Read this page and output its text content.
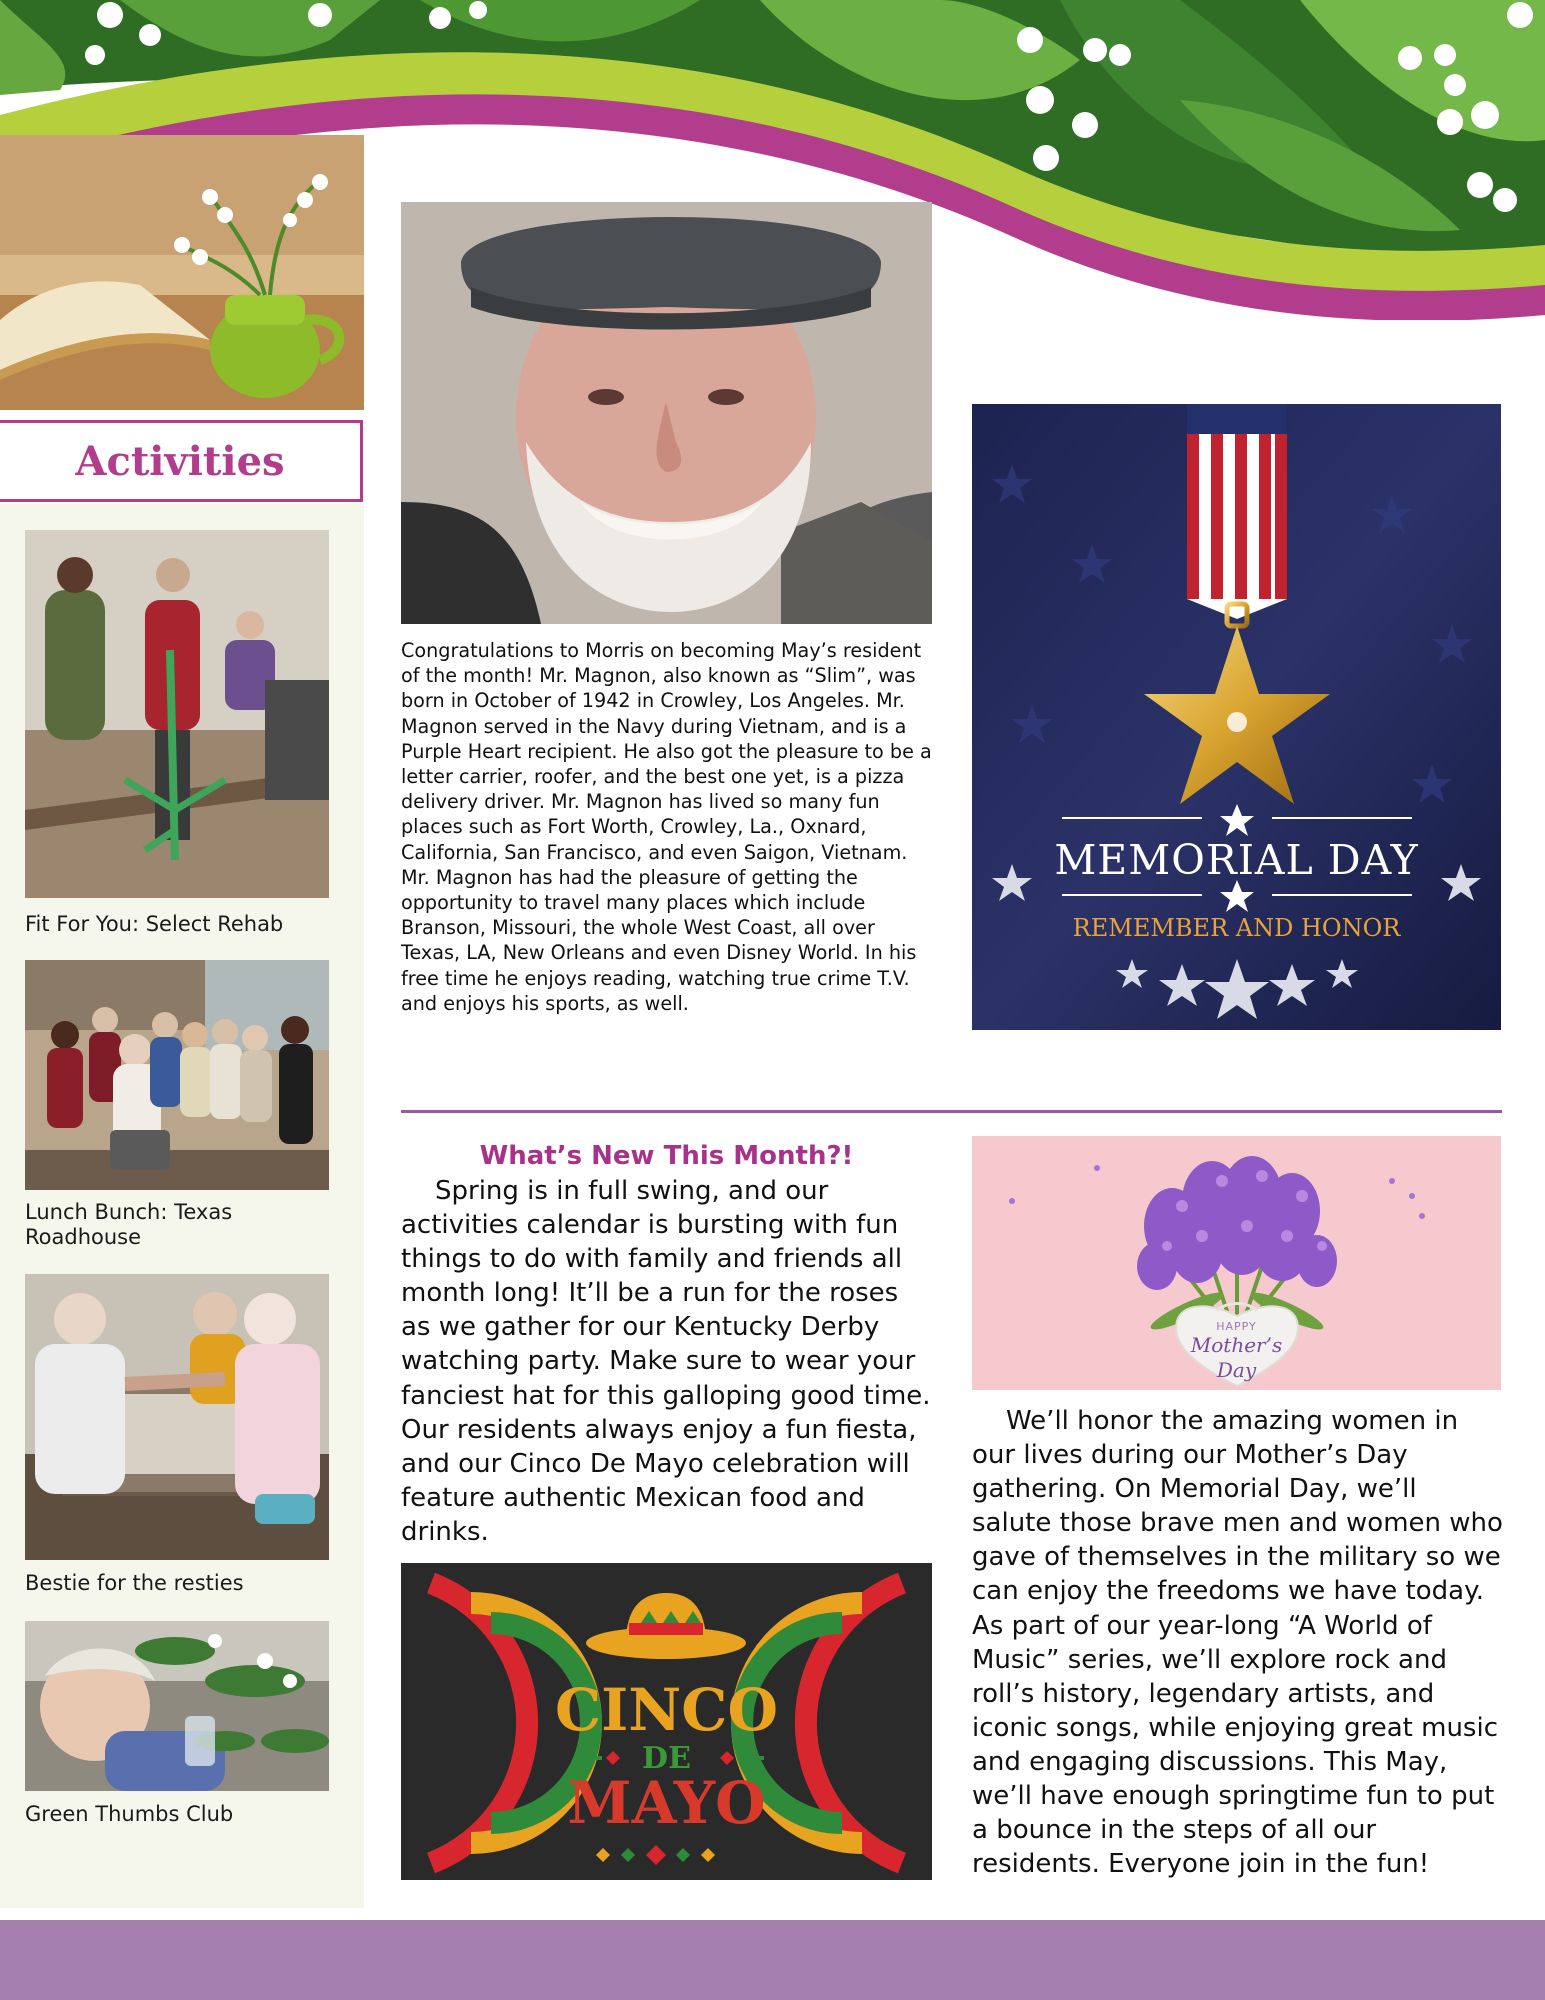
Activities
Fit For You: Select Rehab
Lunch Bunch: Texas Roadhouse
Bestie for the resties
Green Thumbs Club
Congratulations to Morris on becoming May’s resident of the month! Mr. Magnon, also known as “Slim”, was born in October of 1942 in Crowley, Los Angeles. Mr. Magnon served in the Navy during Vietnam, and is a Purple Heart recipient. He also got the pleasure to be a letter carrier, roofer, and the best one yet, is a pizza delivery driver. Mr. Magnon has lived so many fun places such as Fort Worth, Crowley, La., Oxnard, California, San Francisco, and even Saigon, Vietnam. Mr. Magnon has had the pleasure of getting the opportunity to travel many places which include Branson, Missouri, the whole West Coast, all over Texas, LA, New Orleans and even Disney World. In his free time he enjoys reading, watching true crime T.V. and enjoys his sports, as well.
MEMORIAL DAY
REMEMBER AND HONOR
What’s New This Month?!
Spring is in full swing, and our activities calendar is bursting with fun things to do with family and friends all month long! It’ll be a run for the roses as we gather for our Kentucky Derby watching party. Make sure to wear your fanciest hat for this galloping good time. Our residents always enjoy a fun fiesta, and our Cinco De Mayo celebration will feature authentic Mexican food and drinks.
CINCO
DE
MAYO
HAPPY
Mother’s
Day
We’ll honor the amazing women in our lives during our Mother’s Day gathering. On Memorial Day, we’ll salute those brave men and women who gave of themselves in the military so we can enjoy the freedoms we have today. As part of our year-long “A World of Music” series, we’ll explore rock and roll’s history, legendary artists, and iconic songs, while enjoying great music and engaging discussions. This May, we’ll have enough springtime fun to put a bounce in the steps of all our residents. Everyone join in the fun!
